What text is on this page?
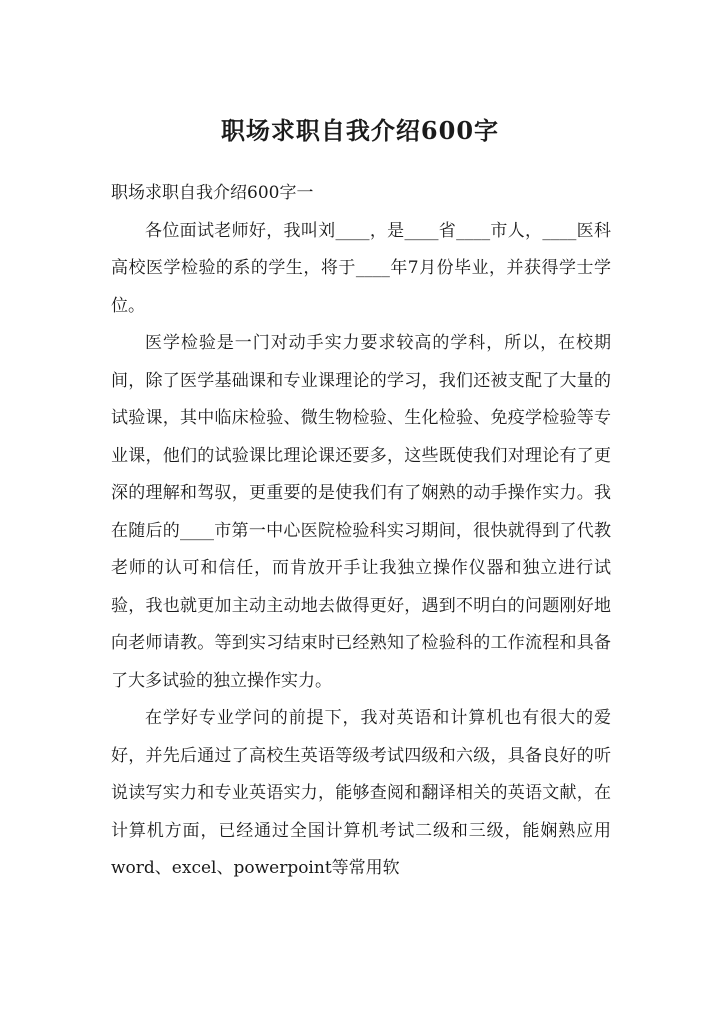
职场求职自我介绍600字

职场求职自我介绍600字一

各位面试老师好，我叫刘____，是____省____市人，____医科高校医学检验的系的学生，将于____年7月份毕业，并获得学士学位。

医学检验是一门对动手实力要求较高的学科，所以，在校期间，除了医学基础课和专业课理论的学习，我们还被支配了大量的试验课，其中临床检验、微生物检验、生化检验、免疫学检验等专业课，他们的试验课比理论课还要多，这些既使我们对理论有了更深的理解和驾驭，更重要的是使我们有了娴熟的动手操作实力。我在随后的____市第一中心医院检验科实习期间，很快就得到了代教老师的认可和信任，而肯放开手让我独立操作仪器和独立进行试验，我也就更加主动主动地去做得更好，遇到不明白的问题刚好地向老师请教。等到实习结束时已经熟知了检验科的工作流程和具备了大多试验的独立操作实力。

在学好专业学问的前提下，我对英语和计算机也有很大的爱好，并先后通过了高校生英语等级考试四级和六级，具备良好的听说读写实力和专业英语实力，能够查阅和翻译相关的英语文献，在计算机方面，已经通过全国计算机考试二级和三级，能娴熟应用word、excel、powerpoint等常用软
